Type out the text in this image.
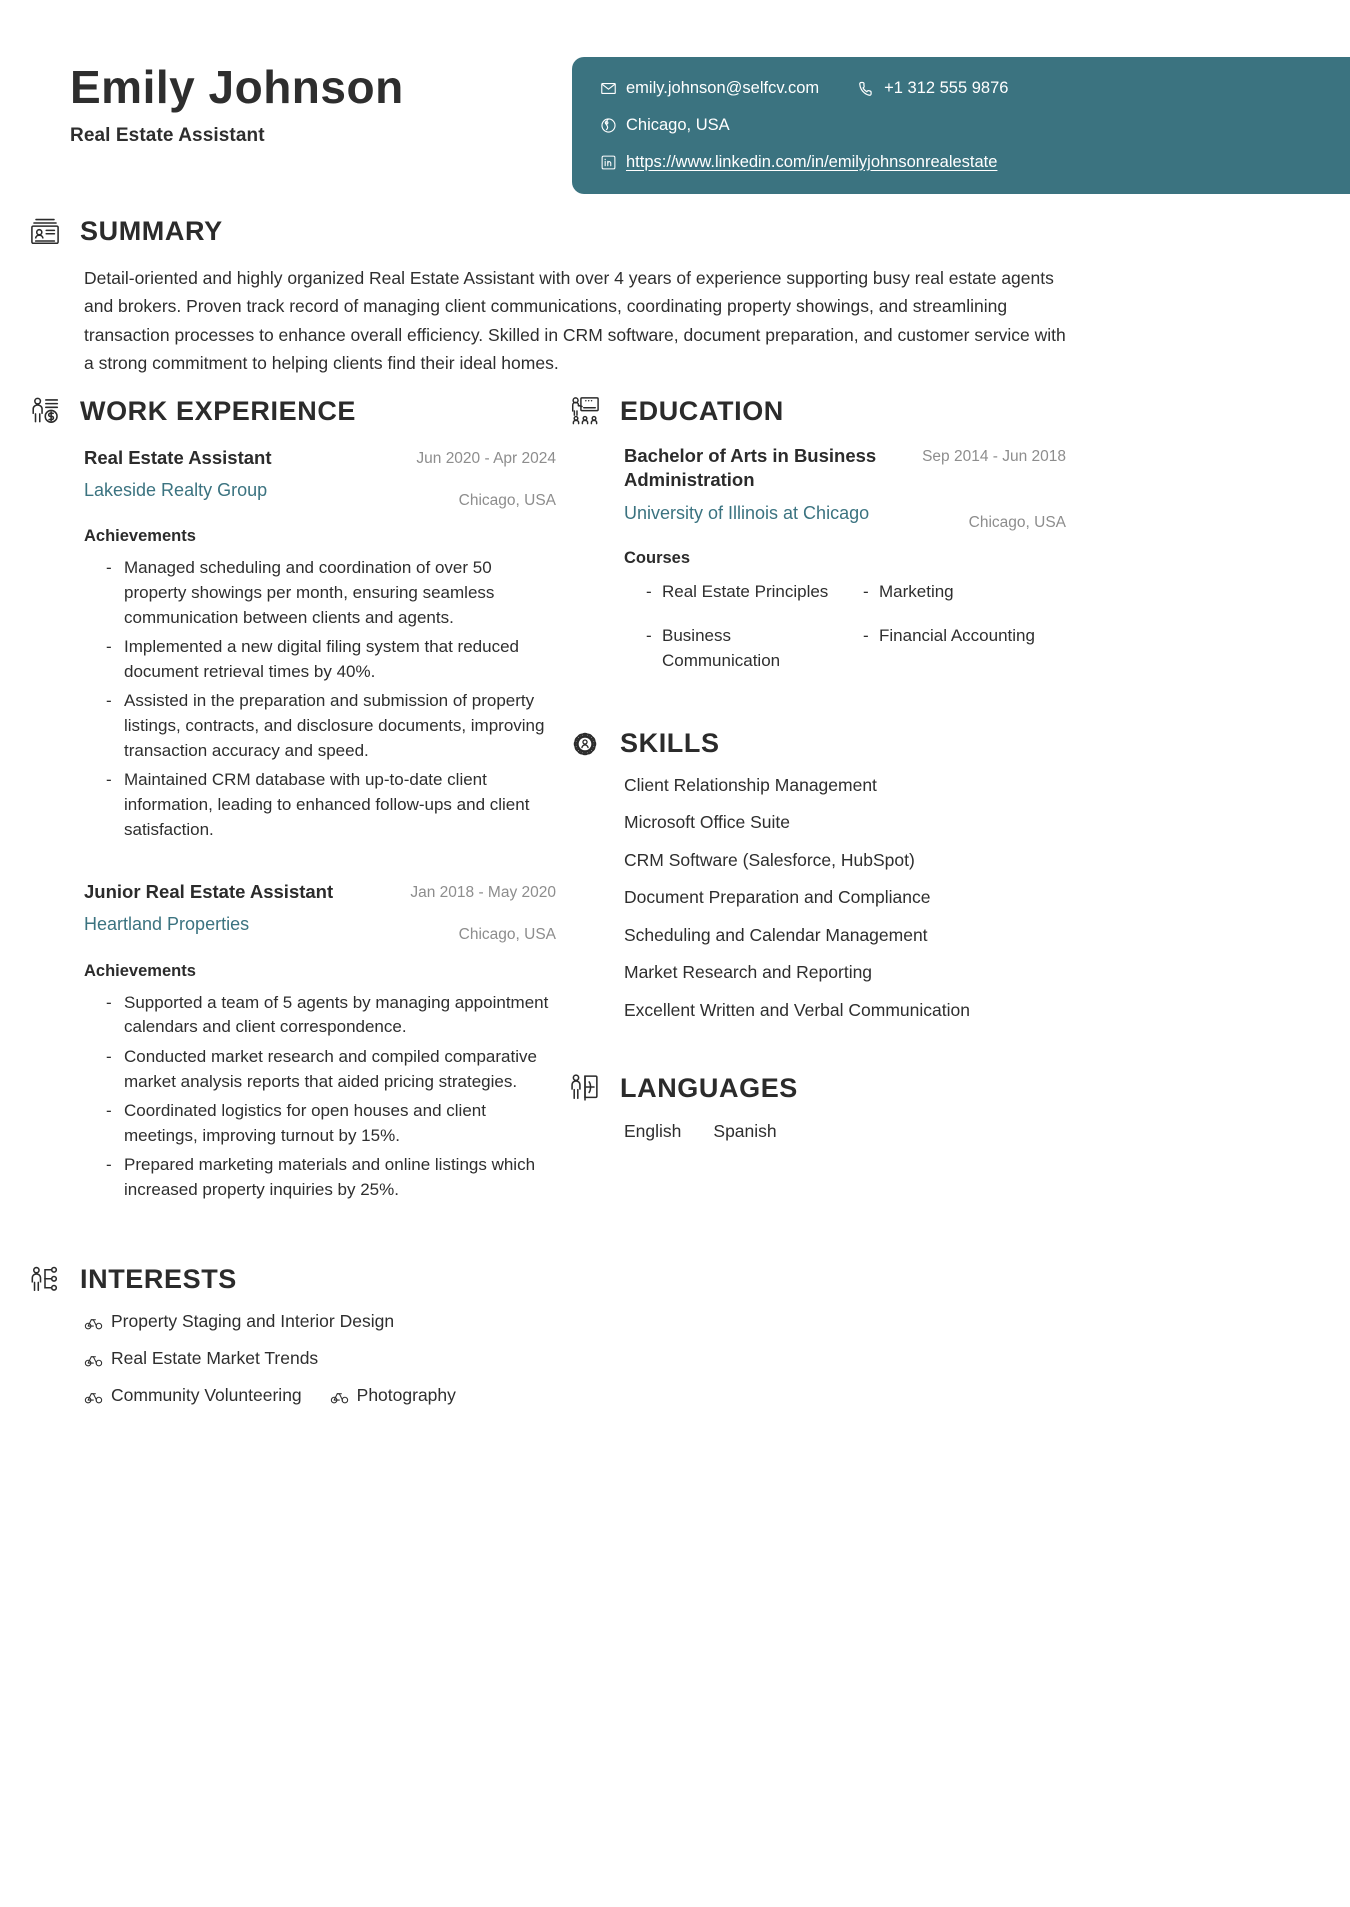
Emily Johnson
Real Estate Assistant
emily.johnson@selfcv.com	+1 312 555 9876
Chicago, USA
https://www.linkedin.com/in/emilyjohnsonrealestate
SUMMARY
Detail-oriented and highly organized Real Estate Assistant with over 4 years of experience supporting busy real estate agents and brokers. Proven track record of managing client communications, coordinating property showings, and streamlining transaction processes to enhance overall efficiency. Skilled in CRM software, document preparation, and customer service with a strong commitment to helping clients find their ideal homes.
WORK EXPERIENCE
Real Estate Assistant
Lakeside Realty Group
Jun 2020 - Apr 2024
Chicago, USA
Achievements
- Managed scheduling and coordination of over 50 property showings per month, ensuring seamless communication between clients and agents.
- Implemented a new digital filing system that reduced document retrieval times by 40%.
- Assisted in the preparation and submission of property listings, contracts, and disclosure documents, improving transaction accuracy and speed.
- Maintained CRM database with up-to-date client information, leading to enhanced follow-ups and client satisfaction.
Junior Real Estate Assistant
Heartland Properties
Jan 2018 - May 2020
Chicago, USA
Achievements
- Supported a team of 5 agents by managing appointment calendars and client correspondence.
- Conducted market research and compiled comparative market analysis reports that aided pricing strategies.
- Coordinated logistics for open houses and client meetings, improving turnout by 15%.
- Prepared marketing materials and online listings which increased property inquiries by 25%.
INTERESTS
Property Staging and Interior Design
Real Estate Market Trends
Community Volunteering	Photography
EDUCATION
Bachelor of Arts in Business Administration
University of Illinois at Chicago
Sep 2014 - Jun 2018
Chicago, USA
Courses
- Real Estate Principles	- Marketing
- Business Communication
- Financial Accounting
SKILLS
Client Relationship Management
Microsoft Office Suite
CRM Software (Salesforce, HubSpot)
Document Preparation and Compliance
Scheduling and Calendar Management
Market Research and Reporting
Excellent Written and Verbal Communication
LANGUAGES
English Spanish
